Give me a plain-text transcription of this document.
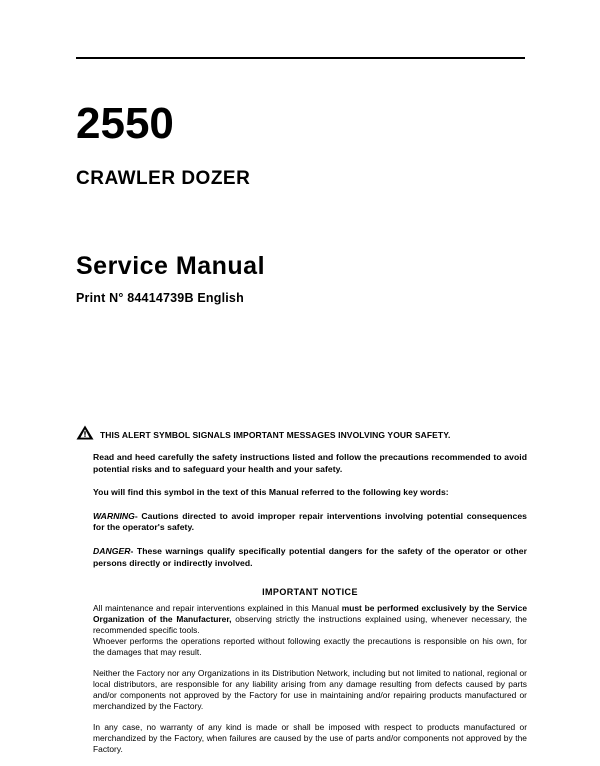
2550
CRAWLER DOZER
Service Manual
Print N° 84414739B English
THIS ALERT SYMBOL SIGNALS IMPORTANT MESSAGES INVOLVING YOUR SAFETY.

Read and heed carefully the safety instructions listed and follow the precautions recommended to avoid potential risks and to safeguard your health and your safety.

You will find this symbol in the text of this Manual referred to the following key words:

WARNING- Cautions directed to avoid improper repair interventions involving potential consequences for the operator's safety.

DANGER- These warnings qualify specifically potential dangers for the safety of the operator or other persons directly or indirectly involved.

IMPORTANT NOTICE

All maintenance and repair interventions explained in this Manual must be performed exclusively by the Service Organization of the Manufacturer, observing strictly the instructions explained using, whenever necessary, the recommended specific tools.

Whoever performs the operations reported without following exactly the precautions is responsible on his own, for the damages that may result.

Neither the Factory nor any Organizations in its Distribution Network, including but not limited to national, regional or local distributors, are responsible for any liability arising from any damage resulting from defects caused by parts and/or components not approved by the Factory for use in maintaining and/or repairing products manufactured or merchandized by the Factory.

In any case, no warranty of any kind is made or shall be imposed with respect to products manufactured or merchandized by the Factory, when failures are caused by the use of parts and/or components not approved by the Factory.
